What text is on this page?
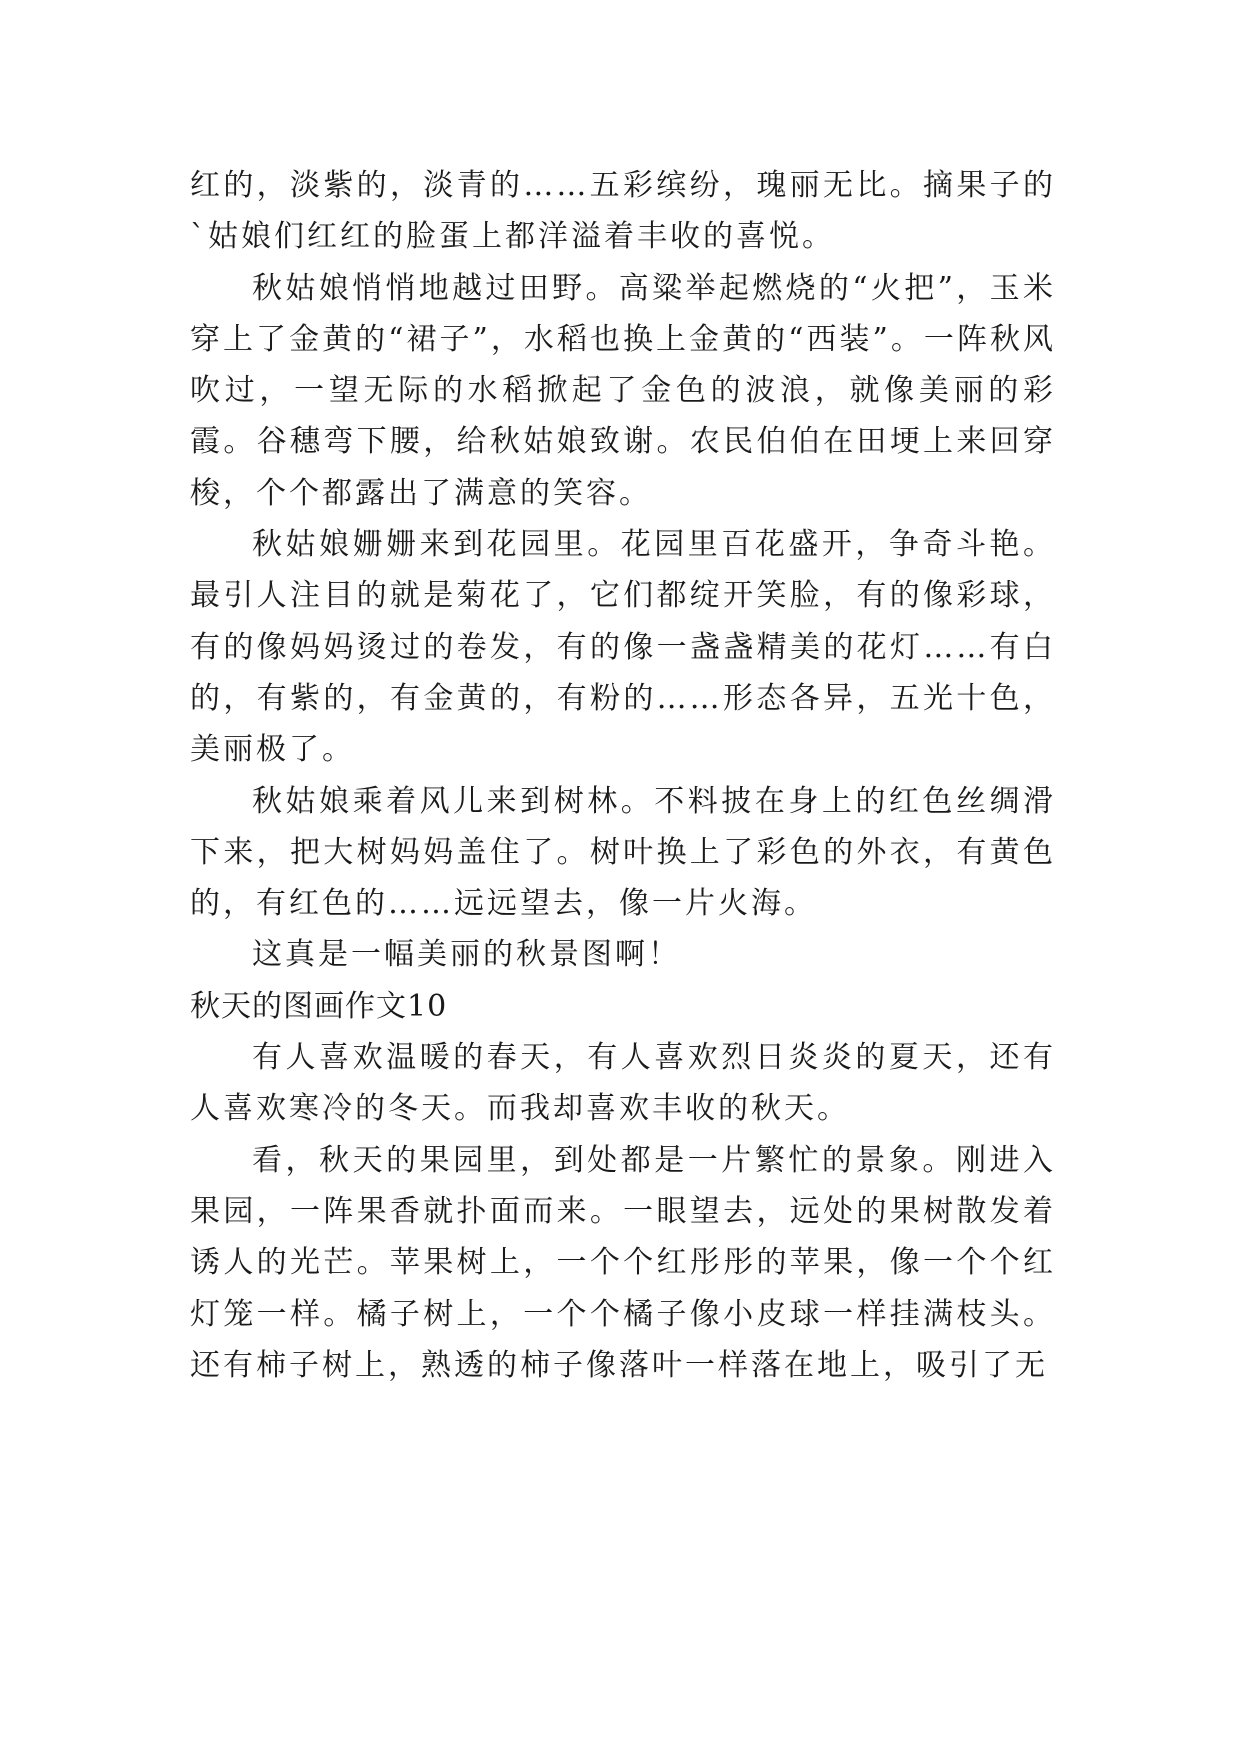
红的，淡紫的，淡青的……五彩缤纷，瑰丽无比。摘果子的`姑娘们红红的脸蛋上都洋溢着丰收的喜悦。

秋姑娘悄悄地越过田野。高粱举起燃烧的“火把”，玉米穿上了金黄的“裙子”，水稻也换上金黄的“西装”。一阵秋风吹过，一望无际的水稻掀起了金色的波浪，就像美丽的彩霞。谷穗弯下腰，给秋姑娘致谢。农民伯伯在田埂上来回穿梭，个个都露出了满意的笑容。

秋姑娘姗姗来到花园里。花园里百花盛开，争奇斗艳。最引人注目的就是菊花了，它们都绽开笑脸，有的像彩球，有的像妈妈烫过的卷发，有的像一盏盏精美的花灯……有白的，有紫的，有金黄的，有粉的……形态各异，五光十色，美丽极了。

秋姑娘乘着风儿来到树林。不料披在身上的红色丝绸滑下来，把大树妈妈盖住了。树叶换上了彩色的外衣，有黄色的，有红色的……远远望去，像一片火海。

这真是一幅美丽的秋景图啊！

秋天的图画作文10

有人喜欢温暖的春天，有人喜欢烈日炎炎的夏天，还有人喜欢寒冷的冬天。而我却喜欢丰收的秋天。

看，秋天的果园里，到处都是一片繁忙的景象。刚进入果园，一阵果香就扑面而来。一眼望去，远处的果树散发着诱人的光芒。苹果树上，一个个红彤彤的苹果，像一个个红灯笼一样。橘子树上，一个个橘子像小皮球一样挂满枝头。还有柿子树上，熟透的柿子像落叶一样落在地上，吸引了无
